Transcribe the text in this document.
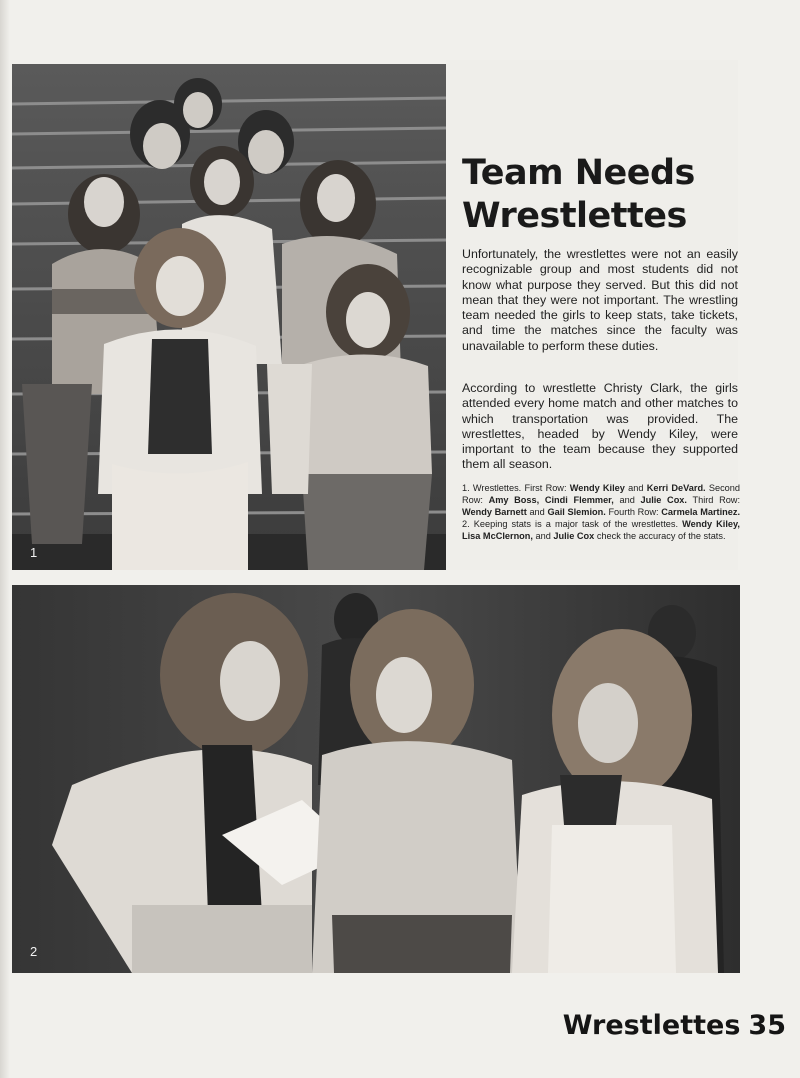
1
Team Needs
Wrestlettes

Unfortunately, the wrestlettes were not an easily recognizable group and most students did not know what purpose they served. But this did not mean that they were not important. The wrestling team needed the girls to keep stats, take tickets, and time the matches since the faculty was unavailable to perform these duties.

According to wrestlette Christy Clark, the girls attended every home match and other matches to which transportation was provided. The wrestlettes, headed by Wendy Kiley, were important to the team because they supported them all season.

1. Wrestlettes. First Row: Wendy Kiley and Kerri DeVard. Second Row: Amy Boss, Cindi Flemmer, and Julie Cox. Third Row: Wendy Barnett and Gail Slemion. Fourth Row: Carmela Martinez. 2. Keeping stats is a major task of the wrestlettes. Wendy Kiley, Lisa McClernon, and Julie Cox check the accuracy of the stats.

2
Wrestlettes 35
